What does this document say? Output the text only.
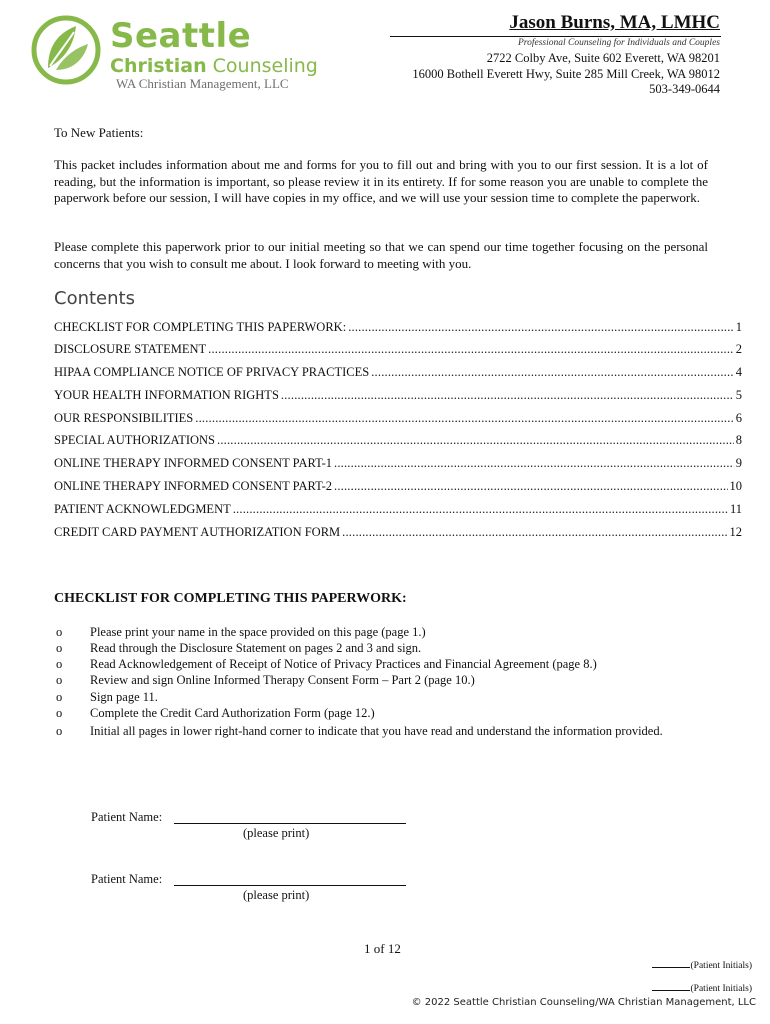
Seattle
Christian Counseling
WA Christian Management, LLC
Jason Burns, MA, LMHC
Professional Counseling for Individuals and Couples
2722 Colby Ave, Suite 602 Everett, WA 98201
16000 Bothell Everett Hwy, Suite 285 Mill Creek, WA 98012
503-349-0644
To New Patients:
This packet includes information about me and forms for you to fill out and bring with you to our first session. It is a lot of reading, but the information is important, so please review it in its entirety. If for some reason you are unable to complete the paperwork before our session, I will have copies in my office, and we will use your session time to complete the paperwork.
Please complete this paperwork prior to our initial meeting so that we can spend our time together focusing on the personal concerns that you wish to consult me about. I look forward to meeting with you.
Contents
CHECKLIST FOR COMPLETING THIS PAPERWORK: .....	1
DISCLOSURE STATEMENT .....	2
HIPAA COMPLIANCE NOTICE OF PRIVACY PRACTICES .....	4
YOUR HEALTH INFORMATION RIGHTS .....	5
OUR RESPONSIBILITIES .....	6
SPECIAL AUTHORIZATIONS .....	8
ONLINE THERAPY INFORMED CONSENT PART-1 .....	9
ONLINE THERAPY INFORMED CONSENT PART-2 .....	10
PATIENT ACKNOWLEDGMENT .....	11
CREDIT CARD PAYMENT AUTHORIZATION FORM .....	12
CHECKLIST FOR COMPLETING THIS PAPERWORK:
o Please print your name in the space provided on this page (page 1.)
o Read through the Disclosure Statement on pages 2 and 3 and sign.
o Read Acknowledgement of Receipt of Notice of Privacy Practices and Financial Agreement (page 8.)
o Review and sign Online Informed Therapy Consent Form – Part 2 (page 10.)
o Sign page 11.
o Complete the Credit Card Authorization Form (page 12.)
o Initial all pages in lower right-hand corner to indicate that you have read and understand the information provided.
Patient Name:
(please print)
Patient Name:
(please print)
1 of 12
(Patient Initials)
(Patient Initials)
© 2022 Seattle Christian Counseling/WA Christian Management, LLC
